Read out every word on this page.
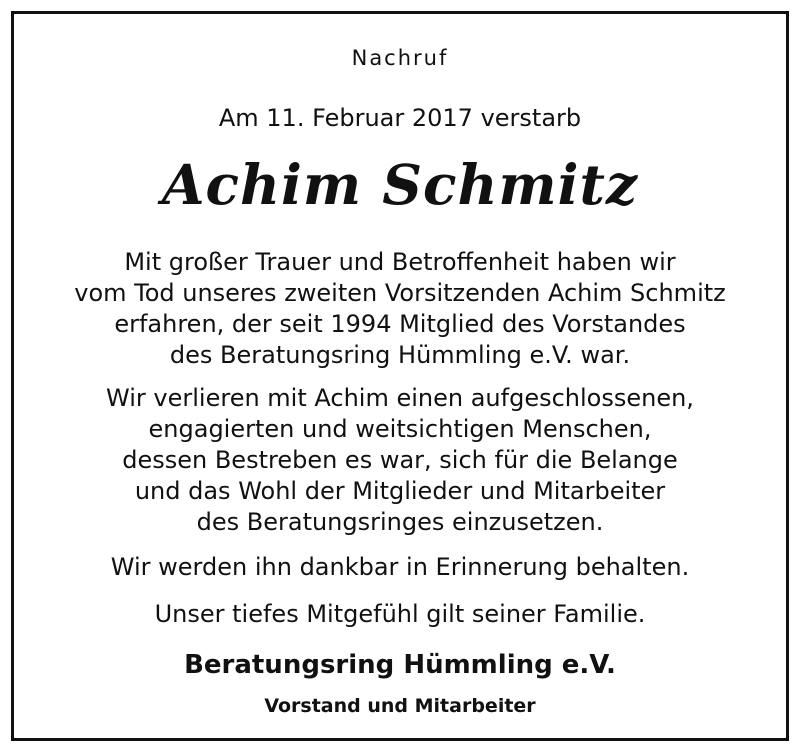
Nachruf
Am 11. Februar 2017 verstarb
Achim Schmitz
Mit großer Trauer und Betroffenheit haben wir
vom Tod unseres zweiten Vorsitzenden Achim Schmitz
erfahren, der seit 1994 Mitglied des Vorstandes
des Beratungsring Hümmling e.V. war.
Wir verlieren mit Achim einen aufgeschlossenen,
engagierten und weitsichtigen Menschen,
dessen Bestreben es war, sich für die Belange
und das Wohl der Mitglieder und Mitarbeiter
des Beratungsringes einzusetzen.
Wir werden ihn dankbar in Erinnerung behalten.
Unser tiefes Mitgefühl gilt seiner Familie.
Beratungsring Hümmling e.V.
Vorstand und Mitarbeiter
